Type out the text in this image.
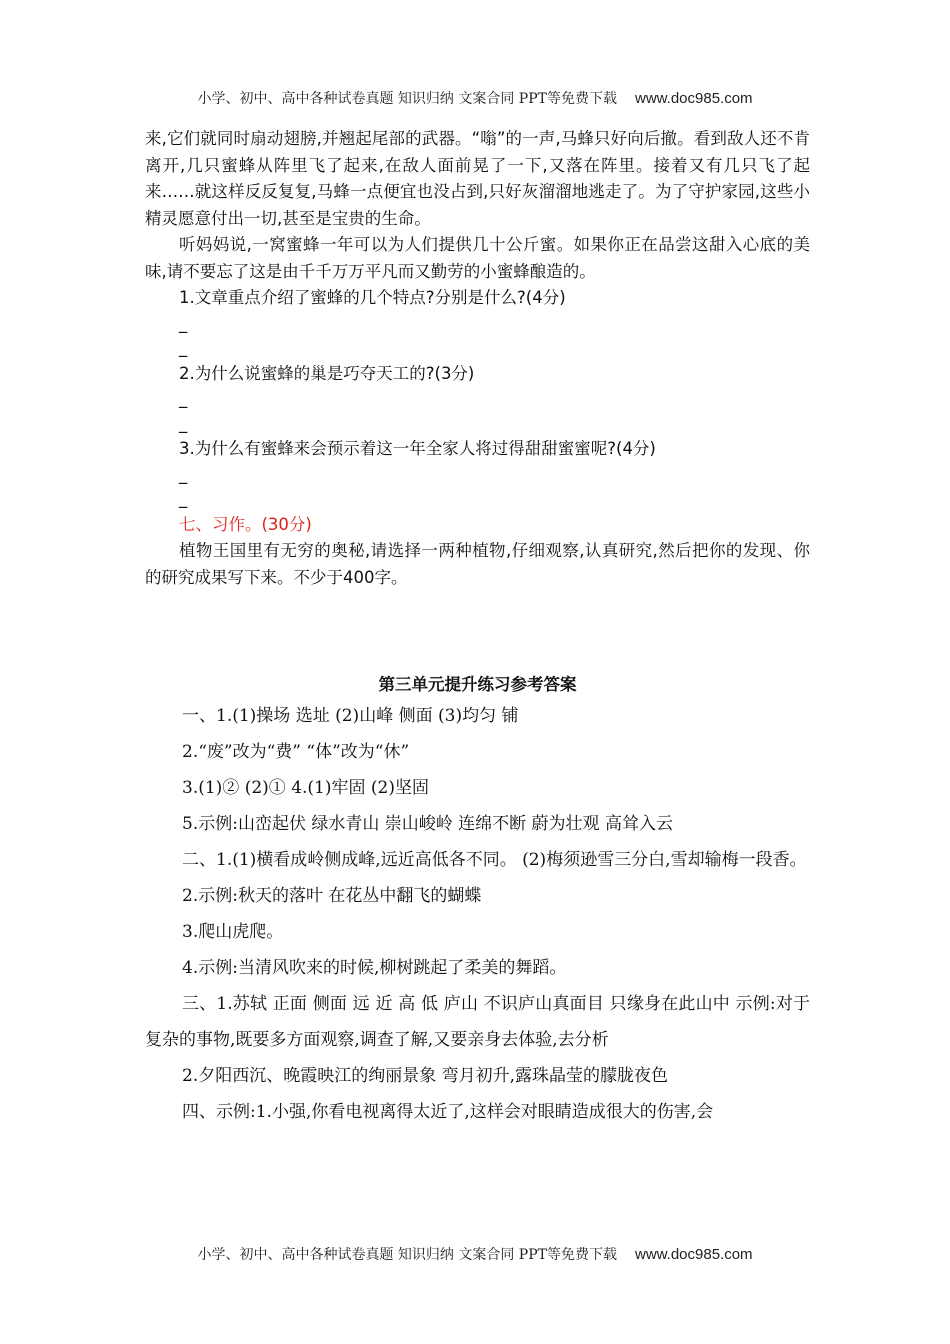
小学、初中、高中各种试卷真题 知识归纳 文案合同 PPT等免费下载 www.doc985.com

来,它们就同时扇动翅膀,并翘起尾部的武器。“嗡”的一声,马蜂只好向后撤。看到敌人还不肯离开,几只蜜蜂从阵里飞了起来,在敌人面前晃了一下,又落在阵里。接着又有几只飞了起来……就这样反反复复,马蜂一点便宜也没占到,只好灰溜溜地逃走了。为了守护家园,这些小精灵愿意付出一切,甚至是宝贵的生命。

听妈妈说,一窝蜜蜂一年可以为人们提供几十公斤蜜。如果你正在品尝这甜入心底的美味,请不要忘了这是由千千万万平凡而又勤劳的小蜜蜂酿造的。

1.文章重点介绍了蜜蜂的几个特点?分别是什么?(4分)

_

_

2.为什么说蜜蜂的巢是巧夺天工的?(3分)

_

_

3.为什么有蜜蜂来会预示着这一年全家人将过得甜甜蜜蜜呢?(4分)

_

_

七、习作。(30分)

植物王国里有无穷的奥秘,请选择一两种植物,仔细观察,认真研究,然后把你的发现、你的研究成果写下来。不少于400字。

第三单元提升练习参考答案

一、1.(1)操场 选址 (2)山峰 侧面 (3)均匀 铺

2.“废”改为“费” “体”改为“休”

3.(1)② (2)① 4.(1)牢固 (2)坚固

5.示例:山峦起伏 绿水青山 崇山峻岭 连绵不断 蔚为壮观 高耸入云

二、1.(1)横看成岭侧成峰,远近高低各不同。 (2)梅须逊雪三分白,雪却输梅一段香。

2.示例:秋天的落叶 在花丛中翻飞的蝴蝶

3.爬山虎爬。

4.示例:当清风吹来的时候,柳树跳起了柔美的舞蹈。

三、1.苏轼 正面 侧面 远 近 高 低 庐山 不识庐山真面目 只缘身在此山中 示例:对于复杂的事物,既要多方面观察,调查了解,又要亲身去体验,去分析

2.夕阳西沉、晚霞映江的绚丽景象 弯月初升,露珠晶莹的朦胧夜色

四、示例:1.小强,你看电视离得太近了,这样会对眼睛造成很大的伤害,会

小学、初中、高中各种试卷真题 知识归纳 文案合同 PPT等免费下载 www.doc985.com
